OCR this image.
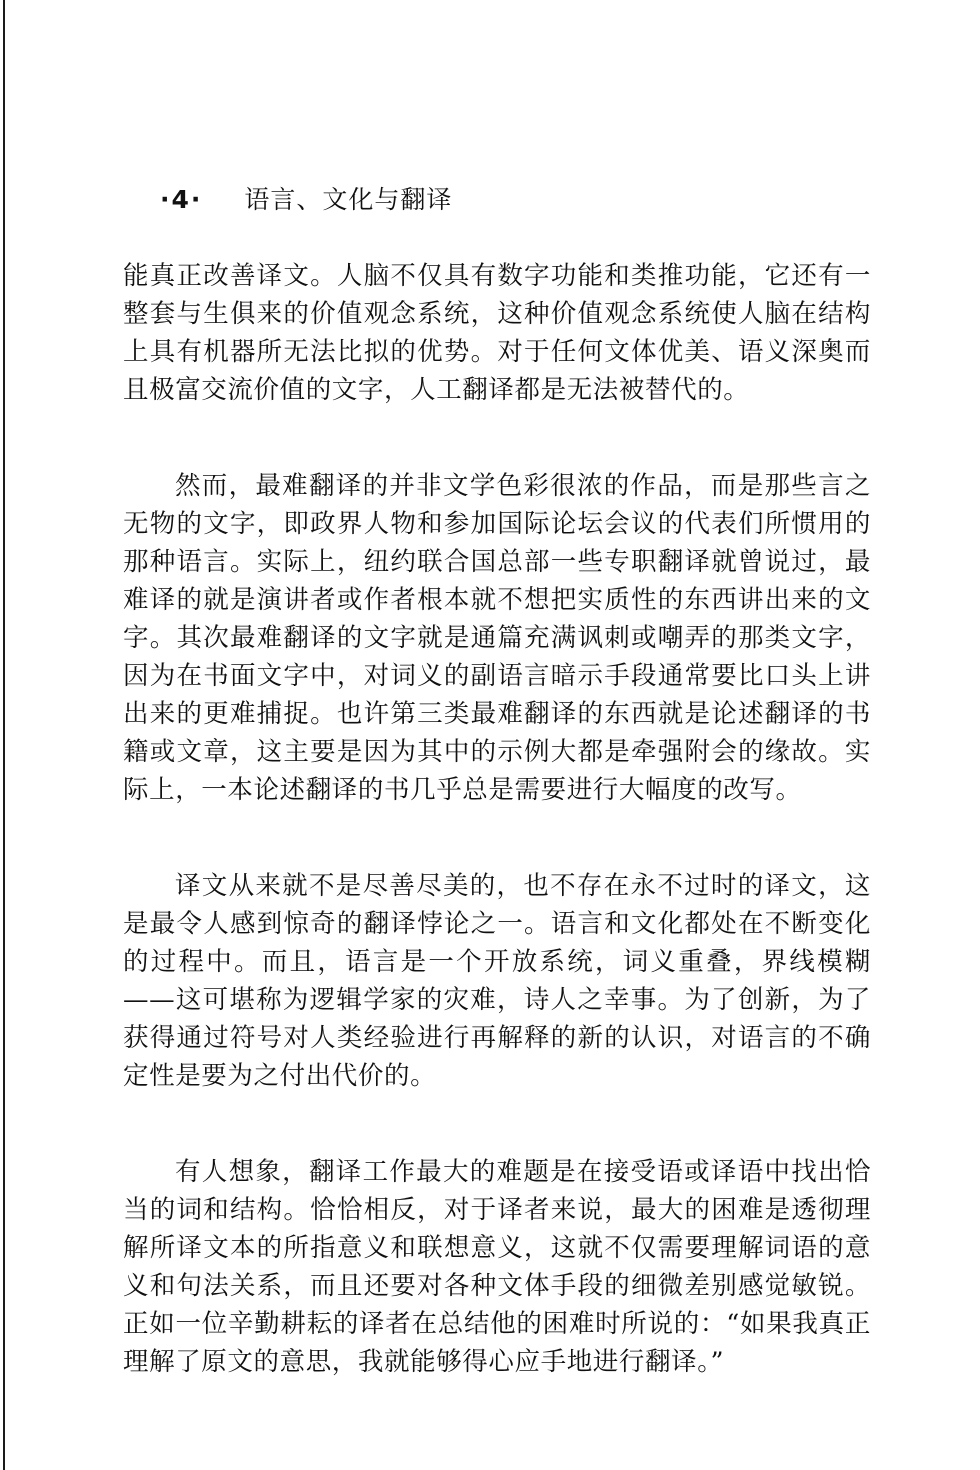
·4· 语言、文化与翻译

能真正改善译文。人脑不仅具有数字功能和类推功能，它还有一整套与生俱来的价值观念系统，这种价值观念系统使人脑在结构上具有机器所无法比拟的优势。对于任何文体优美、语义深奥而且极富交流价值的文字，人工翻译都是无法被替代的。

然而，最难翻译的并非文学色彩很浓的作品，而是那些言之无物的文字，即政界人物和参加国际论坛会议的代表们所惯用的那种语言。实际上，纽约联合国总部一些专职翻译就曾说过，最难译的就是演讲者或作者根本就不想把实质性的东西讲出来的文字。其次最难翻译的文字就是通篇充满讽刺或嘲弄的那类文字，因为在书面文字中，对词义的副语言暗示手段通常要比口头上讲出来的更难捕捉。也许第三类最难翻译的东西就是论述翻译的书籍或文章，这主要是因为其中的示例大都是牵强附会的缘故。实际上，一本论述翻译的书几乎总是需要进行大幅度的改写。

译文从来就不是尽善尽美的，也不存在永不过时的译文，这是最令人感到惊奇的翻译悖论之一。语言和文化都处在不断变化的过程中。而且，语言是一个开放系统，词义重叠，界线模糊——这可堪称为逻辑学家的灾难，诗人之幸事。为了创新，为了获得通过符号对人类经验进行再解释的新的认识，对语言的不确定性是要为之付出代价的。

有人想象，翻译工作最大的难题是在接受语或译语中找出恰当的词和结构。恰恰相反，对于译者来说，最大的困难是透彻理解所译文本的所指意义和联想意义，这就不仅需要理解词语的意义和句法关系，而且还要对各种文体手段的细微差别感觉敏锐。正如一位辛勤耕耘的译者在总结他的困难时所说的：“如果我真正理解了原文的意思，我就能够得心应手地进行翻译。”
